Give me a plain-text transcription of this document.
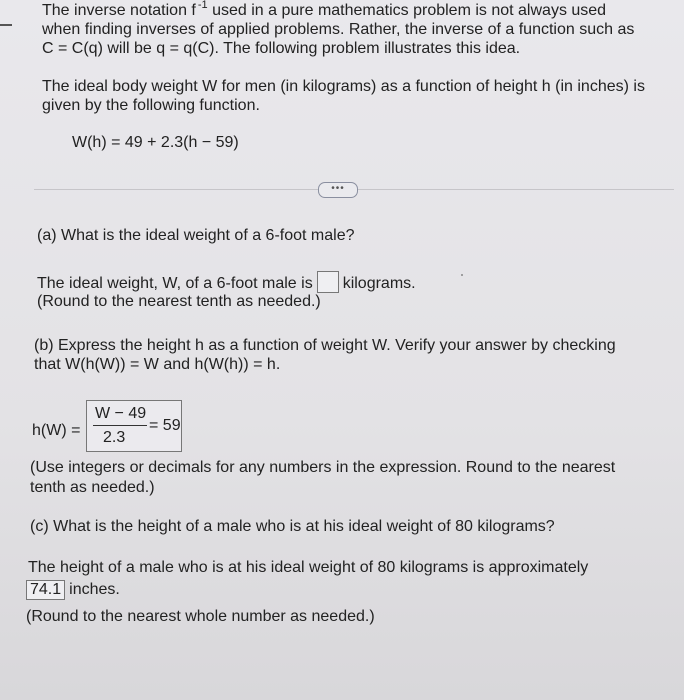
The inverse notation f $^{-1}$ used in a pure mathematics problem is not always used
when finding inverses of applied problems. Rather, the inverse of a function such as
C = C(q) will be q = q(C). The following problem illustrates this idea.
The ideal body weight W for men (in kilograms) as a function of height h (in inches) is
given by the following function.
W(h) = 49 + 2.3(h − 59)
•••
(a) What is the ideal weight of a 6-foot male?
The ideal weight, W, of a 6-foot male is kilograms.
(Round to the nearest tenth as needed.)
(b) Express the height h as a function of weight W. Verify your answer by checking
that W(h(W)) = W and h(W(h)) = h.
h(W) =
W − 49
2.3
= 59
(Use integers or decimals for any numbers in the expression. Round to the nearest
tenth as needed.)
(c) What is the height of a male who is at his ideal weight of 80 kilograms?
The height of a male who is at his ideal weight of 80 kilograms is approximately
74.1 inches.
(Round to the nearest whole number as needed.)
